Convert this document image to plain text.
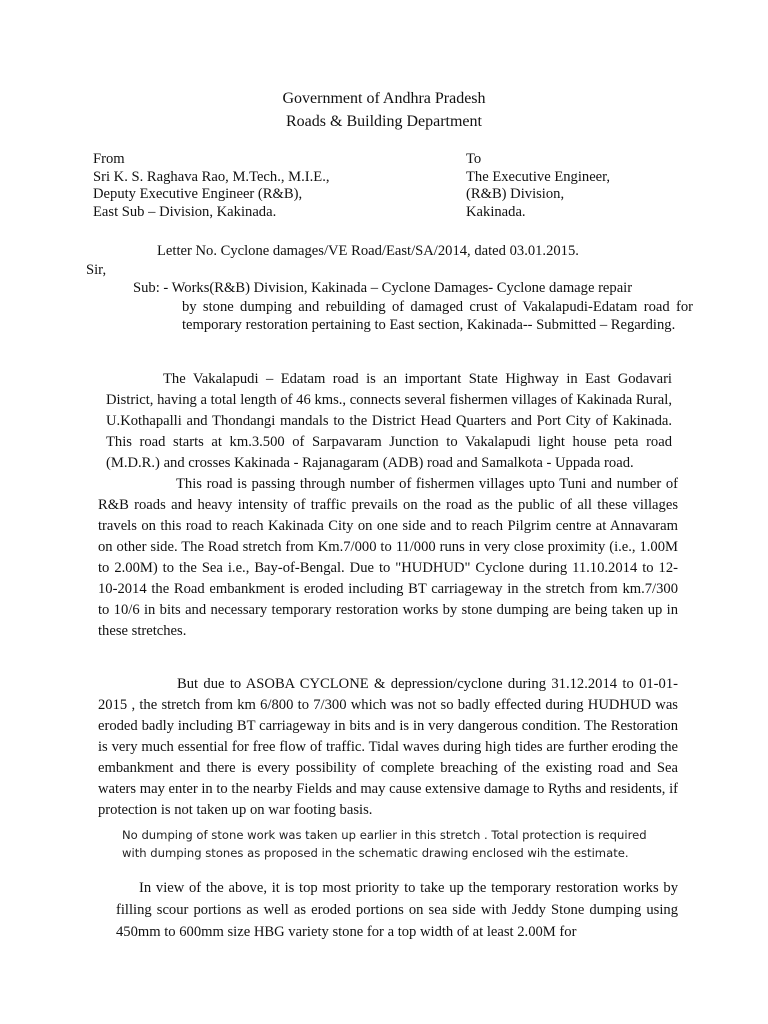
Government of Andhra Pradesh
Roads & Building Department
From
Sri K. S. Raghava Rao, M.Tech., M.I.E.,
Deputy Executive Engineer (R&B),
East Sub – Division, Kakinada.
To
The Executive Engineer,
(R&B) Division,
Kakinada.
Letter No. Cyclone damages/VE Road/East/SA/2014, dated 03.01.2015.
Sir,
Sub: - Works(R&B) Division, Kakinada – Cyclone Damages- Cyclone damage repair
by stone dumping and rebuilding of damaged crust of Vakalapudi-Edatam road for temporary restoration pertaining to East section, Kakinada-- Submitted – Regarding.

The Vakalapudi – Edatam road is an important State Highway in East Godavari District, having a total length of 46 kms., connects several fishermen villages of Kakinada Rural, U.Kothapalli and Thondangi mandals to the District Head Quarters and Port City of Kakinada. This road starts at km.3.500 of Sarpavaram Junction to Vakalapudi light house peta road (M.D.R.) and crosses Kakinada - Rajanagaram (ADB) road and Samalkota - Uppada road.

This road is passing through number of fishermen villages upto Tuni and number of R&B roads and heavy intensity of traffic prevails on the road as the public of all these villages travels on this road to reach Kakinada City on one side and to reach Pilgrim centre at Annavaram on other side. The Road stretch from Km.7/000 to 11/000 runs in very close proximity (i.e., 1.00M to 2.00M) to the Sea i.e., Bay-of-Bengal. Due to "HUDHUD" Cyclone during 11.10.2014 to 12-10-2014 the Road embankment is eroded including BT carriageway in the stretch from km.7/300 to 10/6 in bits and necessary temporary restoration works by stone dumping are being taken up in these stretches.

But due to ASOBA CYCLONE & depression/cyclone during 31.12.2014 to 01-01-2015 , the stretch from km 6/800 to 7/300 which was not so badly effected during HUDHUD was eroded badly including BT carriageway in bits and is in very dangerous condition. The Restoration is very much essential for free flow of traffic. Tidal waves during high tides are further eroding the embankment and there is every possibility of complete breaching of the existing road and Sea waters may enter in to the nearby Fields and may cause extensive damage to Ryths and residents, if protection is not taken up on war footing basis.

No dumping of stone work was taken up earlier in this stretch . Total protection is required
with dumping stones as proposed in the schematic drawing enclosed wih the estimate.

In view of the above, it is top most priority to take up the temporary restoration works by filling scour portions as well as eroded portions on sea side with Jeddy Stone dumping using 450mm to 600mm size HBG variety stone for a top width of at least 2.00M for
